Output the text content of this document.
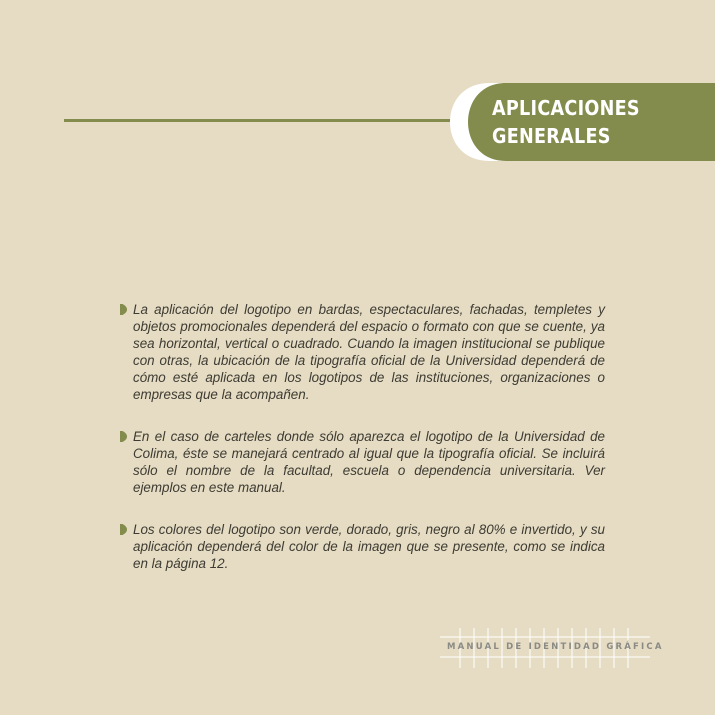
APLICACIONES
GENERALES

La aplicación del logotipo en bardas, espectaculares, fachadas, templetes y objetos promocionales dependerá del espacio o formato con que se cuente, ya sea horizontal, vertical o cuadrado. Cuando la imagen institucional se publique con otras, la ubicación de la tipografía oficial de la Universidad dependerá de cómo esté aplicada en los logotipos de las instituciones, organizaciones o empresas que la acompañen.

En el caso de carteles donde sólo aparezca el logotipo de la Universidad de Colima, éste se manejará centrado al igual que la tipografía oficial. Se incluirá sólo el nombre de la facultad, escuela o dependencia universitaria. Ver ejemplos en este manual.

Los colores del logotipo son verde, dorado, gris, negro al 80% e invertido, y su aplicación dependerá del color de la imagen que se presente, como se indica en la página 12.

MANUAL DE IDENTIDAD GRÁFICA
